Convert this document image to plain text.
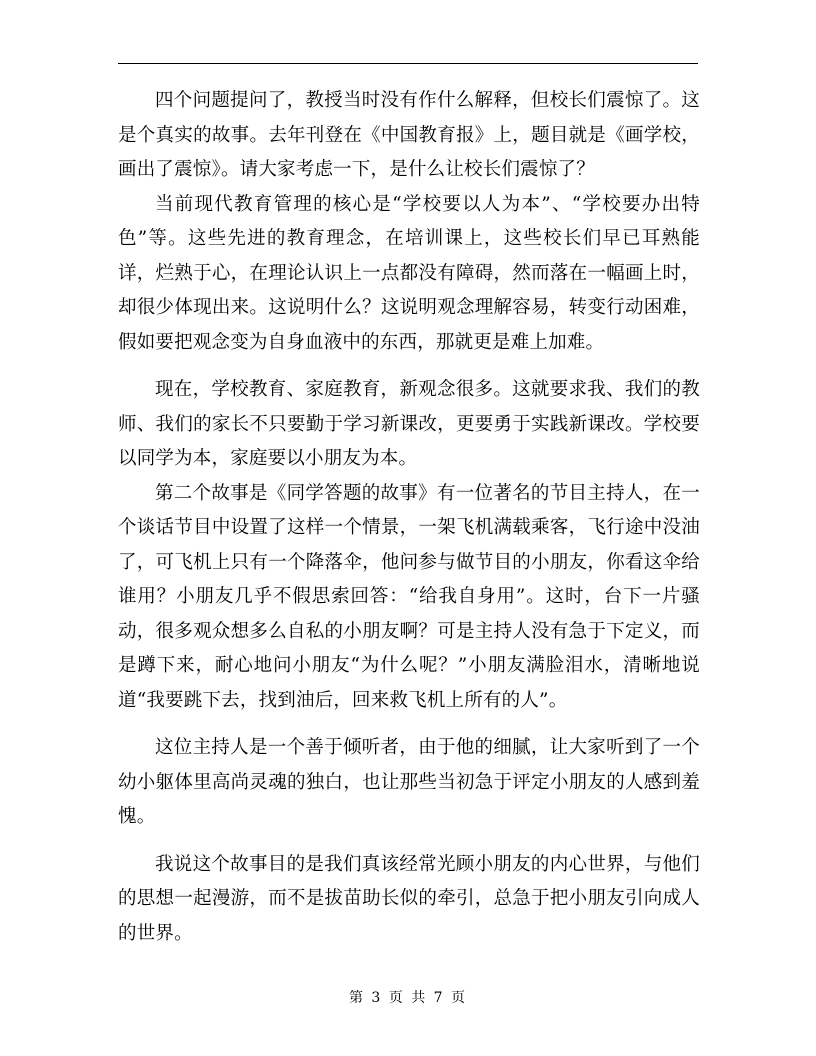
四个问题提问了，教授当时没有作什么解释，但校长们震惊了。这是个真实的故事。去年刊登在《中国教育报》上，题目就是《画学校，画出了震惊》。请大家考虑一下，是什么让校长们震惊了？

当前现代教育管理的核心是“学校要以人为本”、“学校要办出特色”等。这些先进的教育理念，在培训课上，这些校长们早已耳熟能详，烂熟于心，在理论认识上一点都没有障碍，然而落在一幅画上时，却很少体现出来。这说明什么？这说明观念理解容易，转变行动困难，假如要把观念变为自身血液中的东西，那就更是难上加难。

现在，学校教育、家庭教育，新观念很多。这就要求我、我们的教师、我们的家长不只要勤于学习新课改，更要勇于实践新课改。学校要以同学为本，家庭要以小朋友为本。

第二个故事是《同学答题的故事》有一位著名的节目主持人，在一个谈话节目中设置了这样一个情景，一架飞机满载乘客，飞行途中没油了，可飞机上只有一个降落伞，他问参与做节目的小朋友，你看这伞给谁用？小朋友几乎不假思索回答：“给我自身用”。这时，台下一片骚动，很多观众想多么自私的小朋友啊？可是主持人没有急于下定义，而是蹲下来，耐心地问小朋友“为什么呢？”小朋友满脸泪水，清晰地说道“我要跳下去，找到油后，回来救飞机上所有的人”。

这位主持人是一个善于倾听者，由于他的细腻，让大家听到了一个幼小躯体里高尚灵魂的独白，也让那些当初急于评定小朋友的人感到羞愧。

我说这个故事目的是我们真该经常光顾小朋友的内心世界，与他们的思想一起漫游，而不是拔苗助长似的牵引，总急于把小朋友引向成人的世界。

第 3 页 共 7 页
